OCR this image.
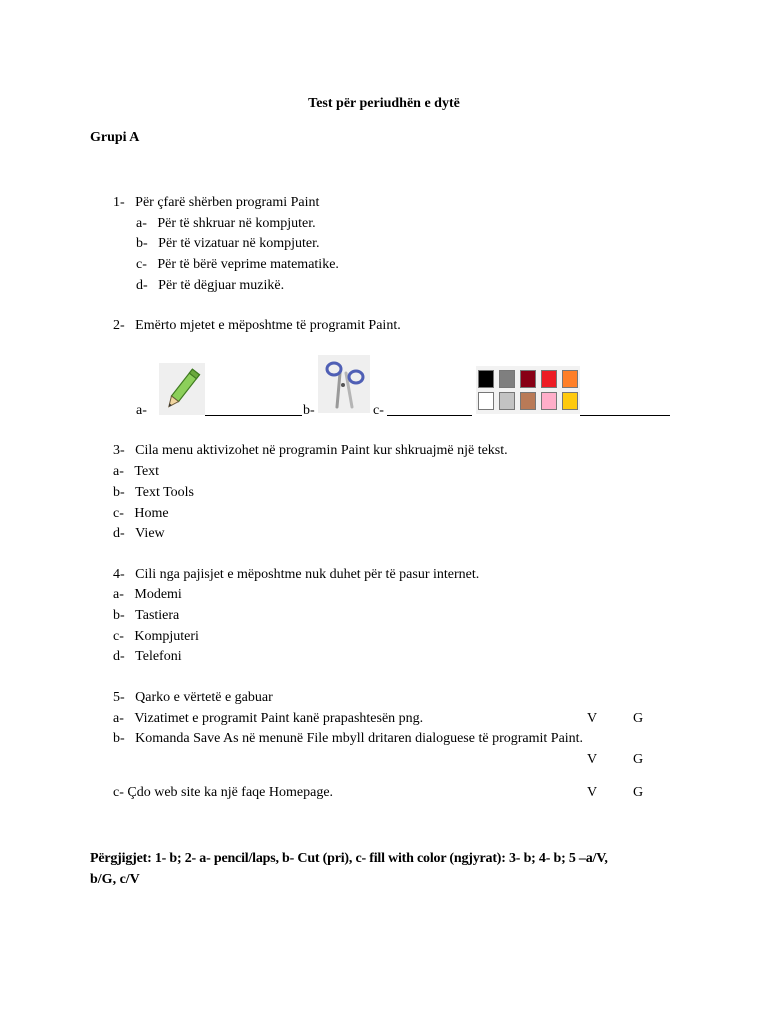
Test për periudhën e dytë
Grupi A
1-   Për çfarë shërben programi Paint
a-   Për të shkruar në kompjuter.
b-   Për të vizatuar në kompjuter.
c-   Për të bërë veprime matematike.
d-   Për të dëgjuar muzikë.
2-   Emërto mjetet e mëposhtme të programit Paint.
a-	b-	c-
3-   Cila menu aktivizohet në programin Paint kur shkruajmë një tekst.
a-   Text
b-   Text Tools
c-   Home
d-   View
4-   Cili nga pajisjet e mëposhtme nuk duhet për të pasur internet.
a-   Modemi
b-   Tastiera
c-   Kompjuteri
d-   Telefoni
5-   Qarko e vërtetë e gabuar
a-   Vizatimet e programit Paint kanë prapashtesën png.	V	G
b-   Komanda Save As në menunë File mbyll dritaren dialoguese të programit Paint.
V	G
c- Çdo web site ka një faqe Homepage.	V	G
Përgjigjet: 1- b; 2- a- pencil/laps, b- Cut (pri), c- fill with color (ngjyrat): 3- b; 4- b; 5 –a/V,
b/G, c/V
